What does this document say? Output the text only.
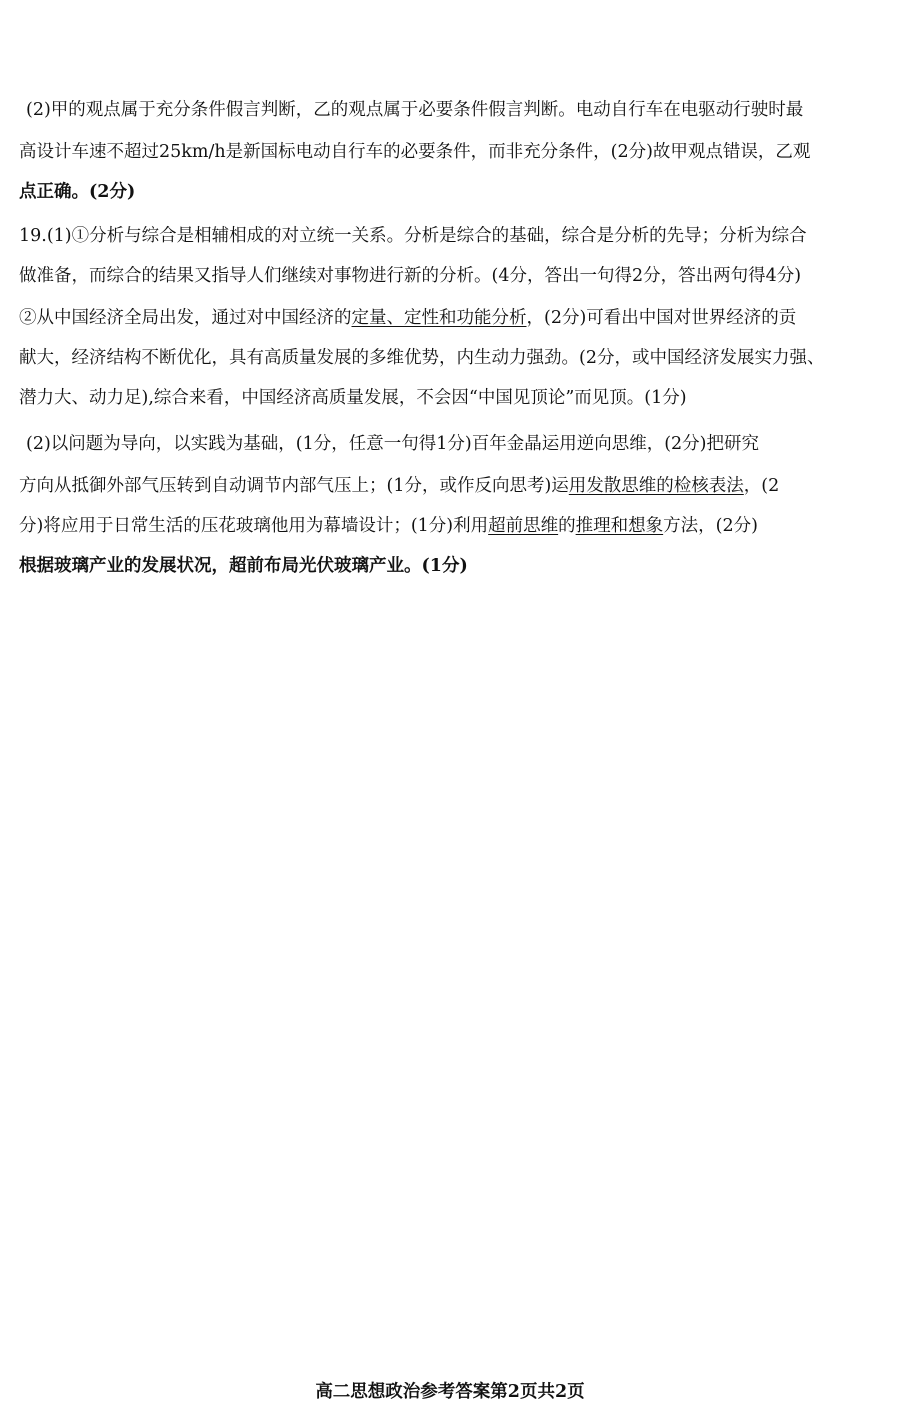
(2)甲的观点属于充分条件假言判断，乙的观点属于必要条件假言判断。电动自行车在电驱动行驶时最
高设计车速不超过25km/h是新国标电动自行车的必要条件，而非充分条件，(2分)故甲观点错误，乙观
点正确。(2分)
19.(1)①分析与综合是相辅相成的对立统一关系。分析是综合的基础，综合是分析的先导；分析为综合
做准备，而综合的结果又指导人们继续对事物进行新的分析。(4分，答出一句得2分，答出两句得4分)
②从中国经济全局出发，通过对中国经济的定量、定性和功能分析，(2分)可看出中国对世界经济的贡
献大，经济结构不断优化，具有高质量发展的多维优势，内生动力强劲。(2分，或中国经济发展实力强、
潜力大、动力足),综合来看，中国经济高质量发展，不会因“中国见顶论”而见顶。(1分)
(2)以问题为导向，以实践为基础，(1分，任意一句得1分)百年金晶运用逆向思维，(2分)把研究
方向从抵御外部气压转到自动调节内部气压上；(1分，或作反向思考)运用发散思维的检核表法，(2
分)将应用于日常生活的压花玻璃他用为幕墙设计；(1分)利用超前思维的推理和想象方法，(2分)
根据玻璃产业的发展状况，超前布局光伏玻璃产业。(1分)
高二思想政治参考答案第2页共2页
